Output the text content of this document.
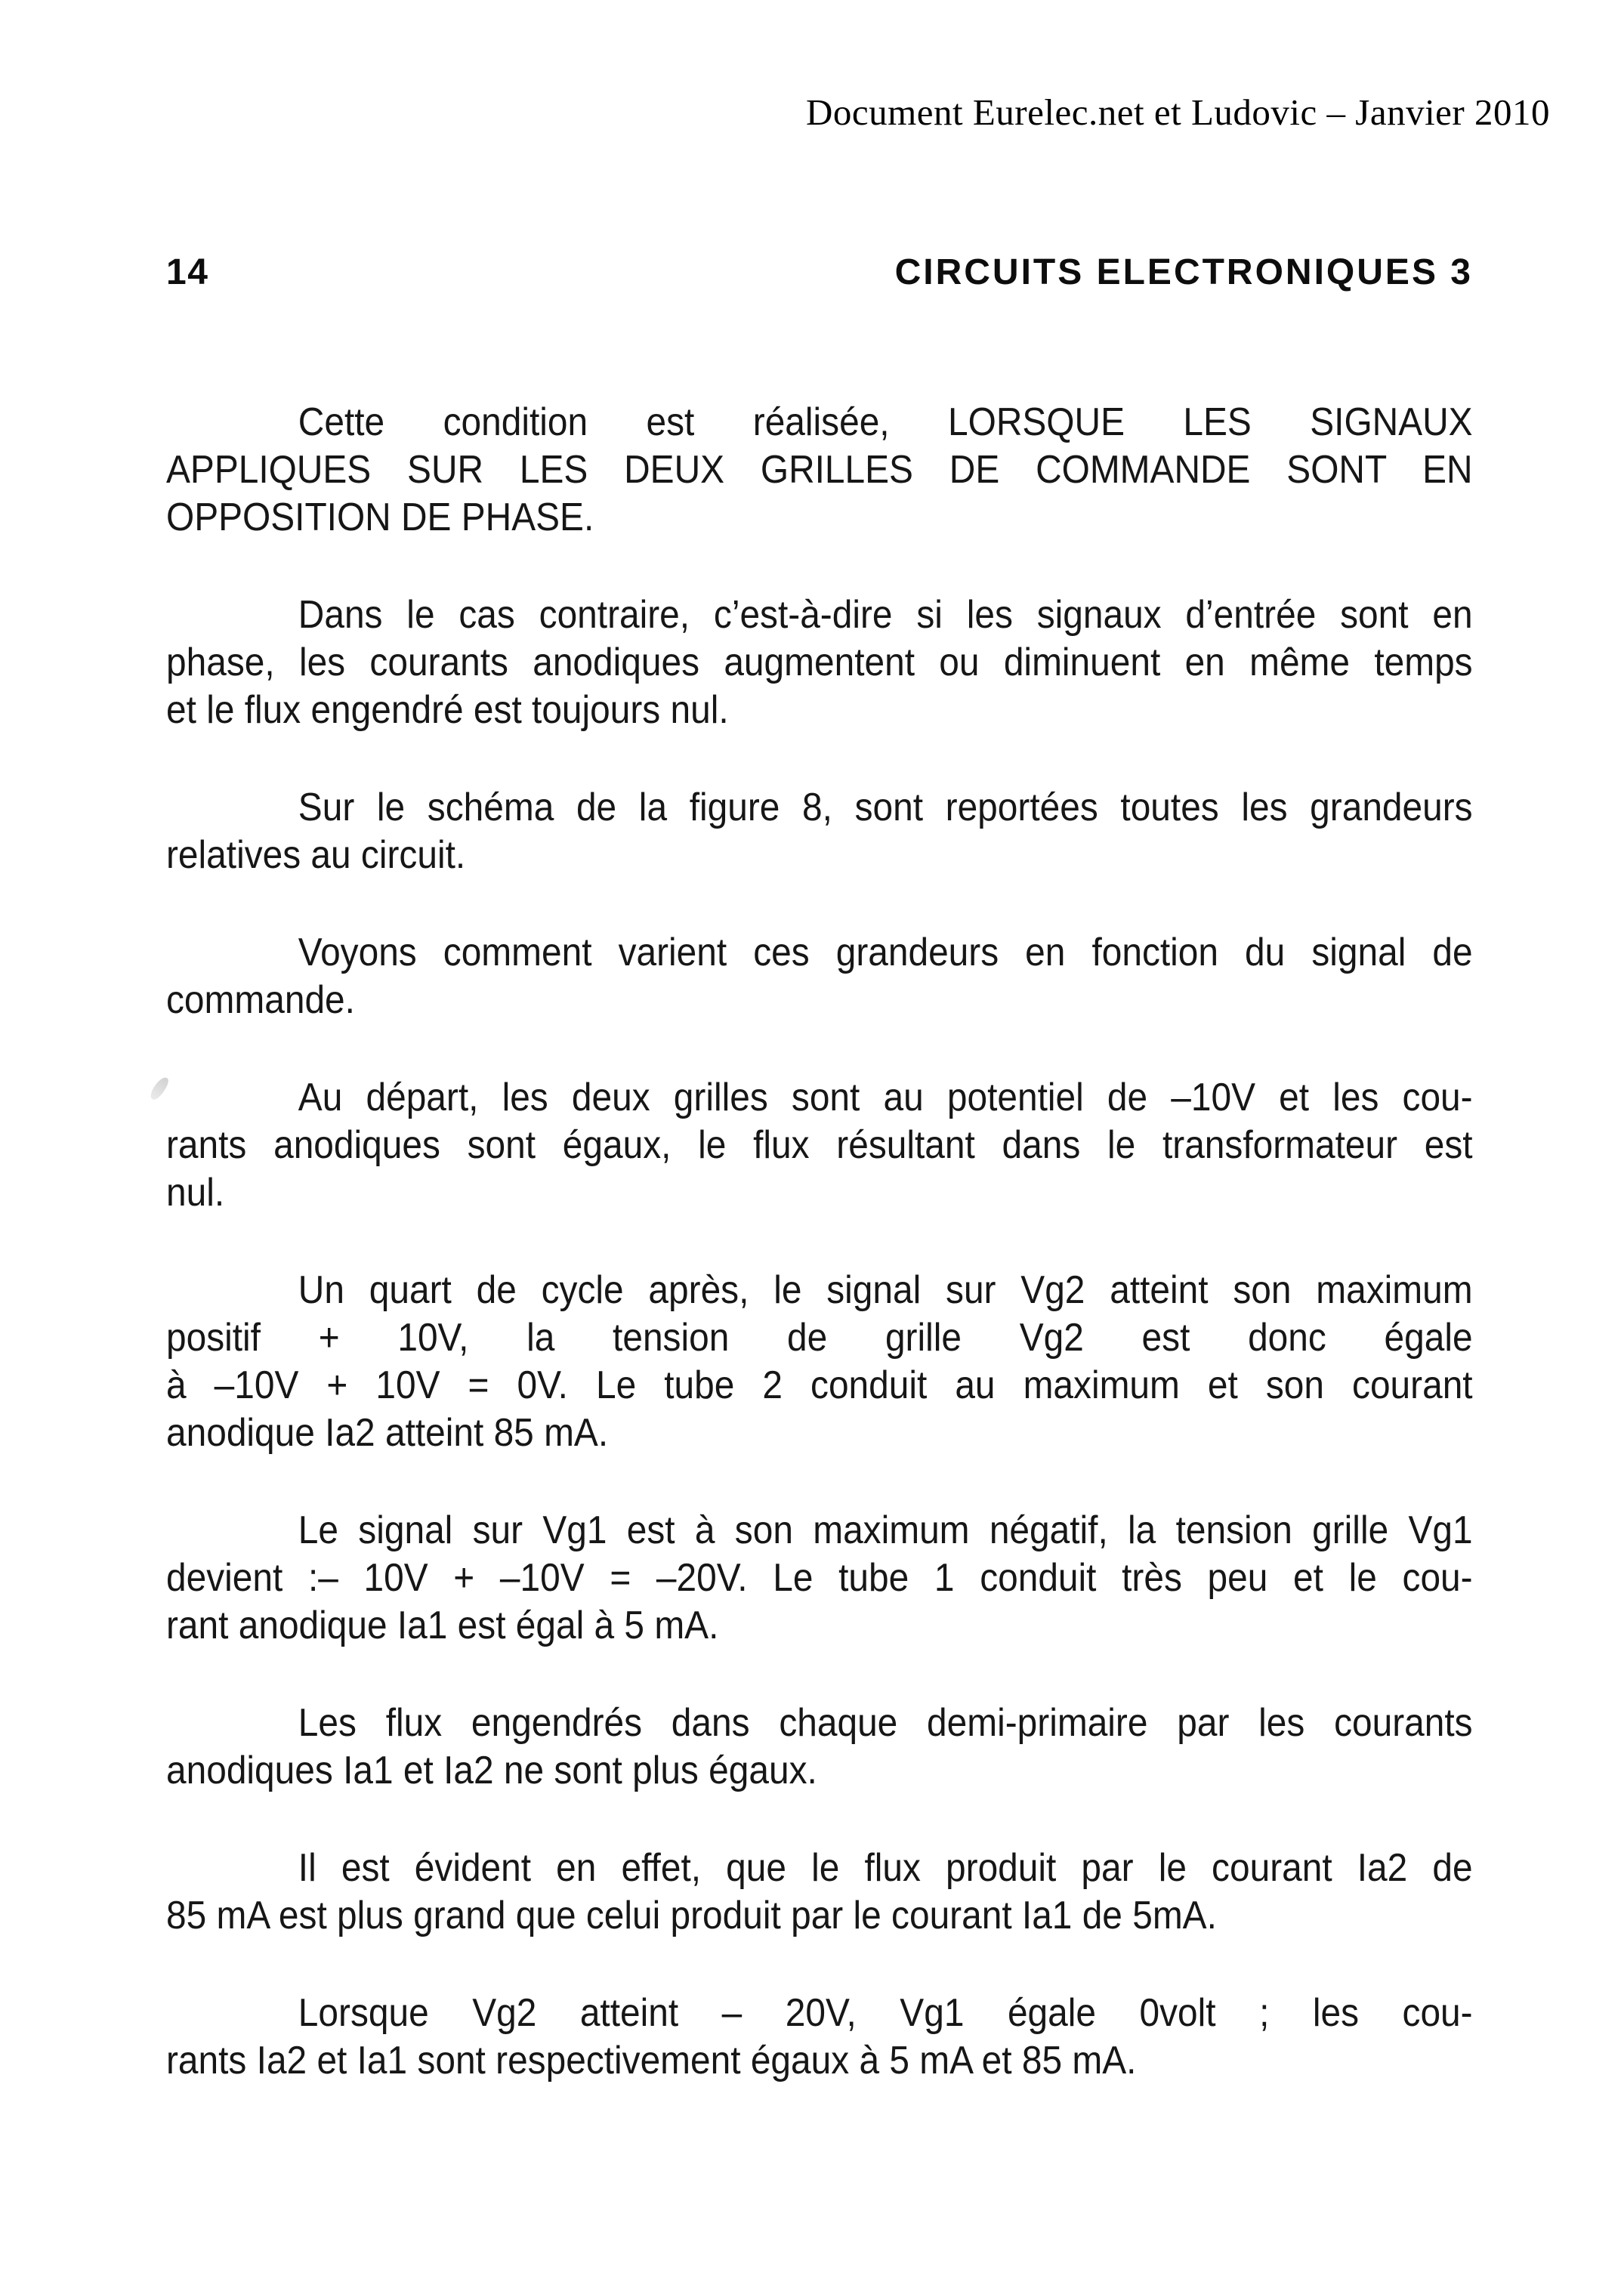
Document Eurelec.net et Ludovic – Janvier 2010
14	CIRCUITS ELECTRONIQUES 3
Cette condition est réalisée, LORSQUE LES SIGNAUX
APPLIQUES SUR LES DEUX GRILLES DE COMMANDE SONT EN
OPPOSITION DE PHASE.
Dans le cas contraire, c’est-à-dire si les signaux d’entrée sont en
phase, les courants anodiques augmentent ou diminuent en même temps
et le flux engendré est toujours nul.
Sur le schéma de la figure 8, sont reportées toutes les grandeurs
relatives au circuit.
Voyons comment varient ces grandeurs en fonction du signal de
commande.
Au départ, les deux grilles sont au potentiel de –10V et les cou-
rants anodiques sont égaux, le flux résultant dans le transformateur est
nul.
Un quart de cycle après, le signal sur Vg2 atteint son maximum
positif + 10V, la tension de grille Vg2 est donc égale
à –10V + 10V = 0V. Le tube 2 conduit au maximum et son courant
anodique Ia2 atteint 85 mA.
Le signal sur Vg1 est à son maximum négatif, la tension grille Vg1
devient :– 10V + –10V = –20V. Le tube 1 conduit très peu et le cou-
rant anodique Ia1 est égal à 5 mA.
Les flux engendrés dans chaque demi-primaire par les courants
anodiques Ia1 et Ia2 ne sont plus égaux.
Il est évident en effet, que le flux produit par le courant Ia2 de
85 mA est plus grand que celui produit par le courant Ia1 de 5mA.
Lorsque Vg2 atteint – 20V, Vg1 égale 0volt ; les cou-
rants Ia2 et Ia1 sont respectivement égaux à 5 mA et 85 mA.
